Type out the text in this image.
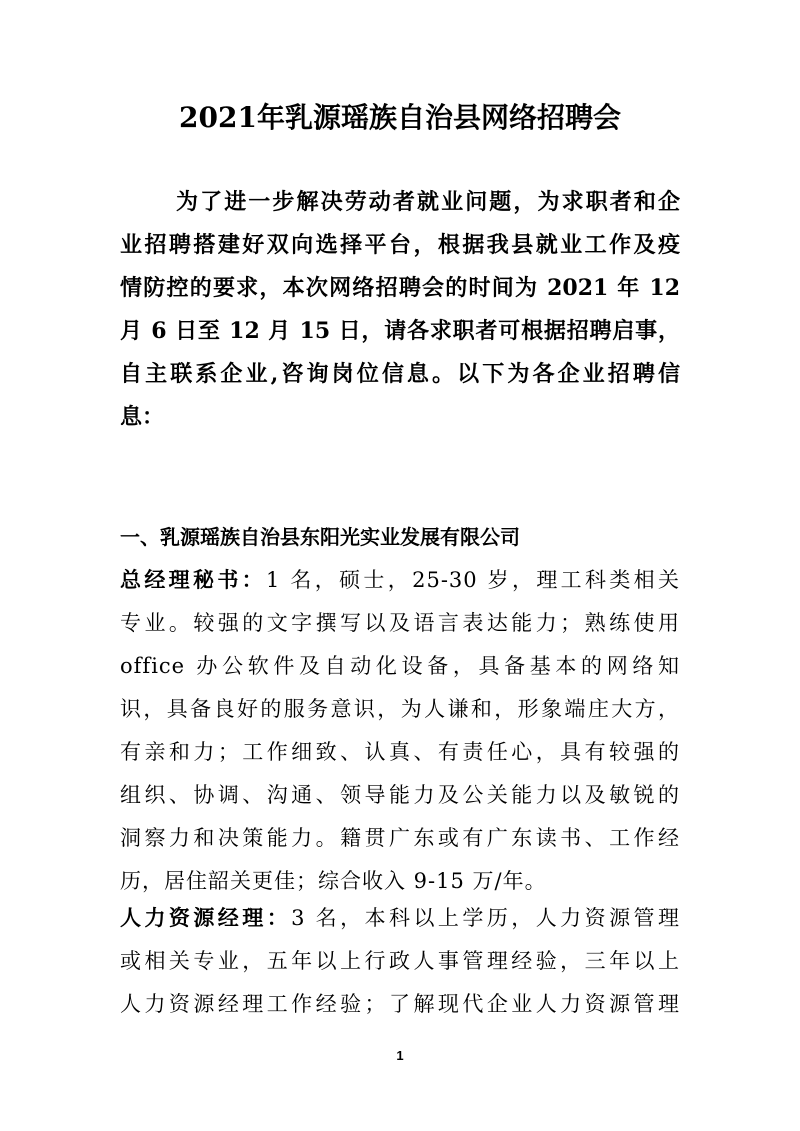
2021年乳源瑶族自治县网络招聘会
为了进一步解决劳动者就业问题，为求职者和企
业招聘搭建好双向选择平台，根据我县就业工作及疫
情防控的要求，本次网络招聘会的时间为 2021 年 12
月 6 日至 12 月 15 日，请各求职者可根据招聘启事，
自主联系企业,咨询岗位信息。以下为各企业招聘信
息：
一、乳源瑶族自治县东阳光实业发展有限公司
总经理秘书：1 名，硕士，25-30 岁，理工科类相关
专业。较强的文字撰写以及语言表达能力；熟练使用
office 办公软件及自动化设备，具备基本的网络知
识，具备良好的服务意识，为人谦和，形象端庄大方，
有亲和力；工作细致、认真、有责任心，具有较强的
组织、协调、沟通、领导能力及公关能力以及敏锐的
洞察力和决策能力。籍贯广东或有广东读书、工作经
历，居住韶关更佳；综合收入 9-15 万/年。
人力资源经理：3 名，本科以上学历，人力资源管理
或相关专业，五年以上行政人事管理经验，三年以上
人力资源经理工作经验；了解现代企业人力资源管理
1
